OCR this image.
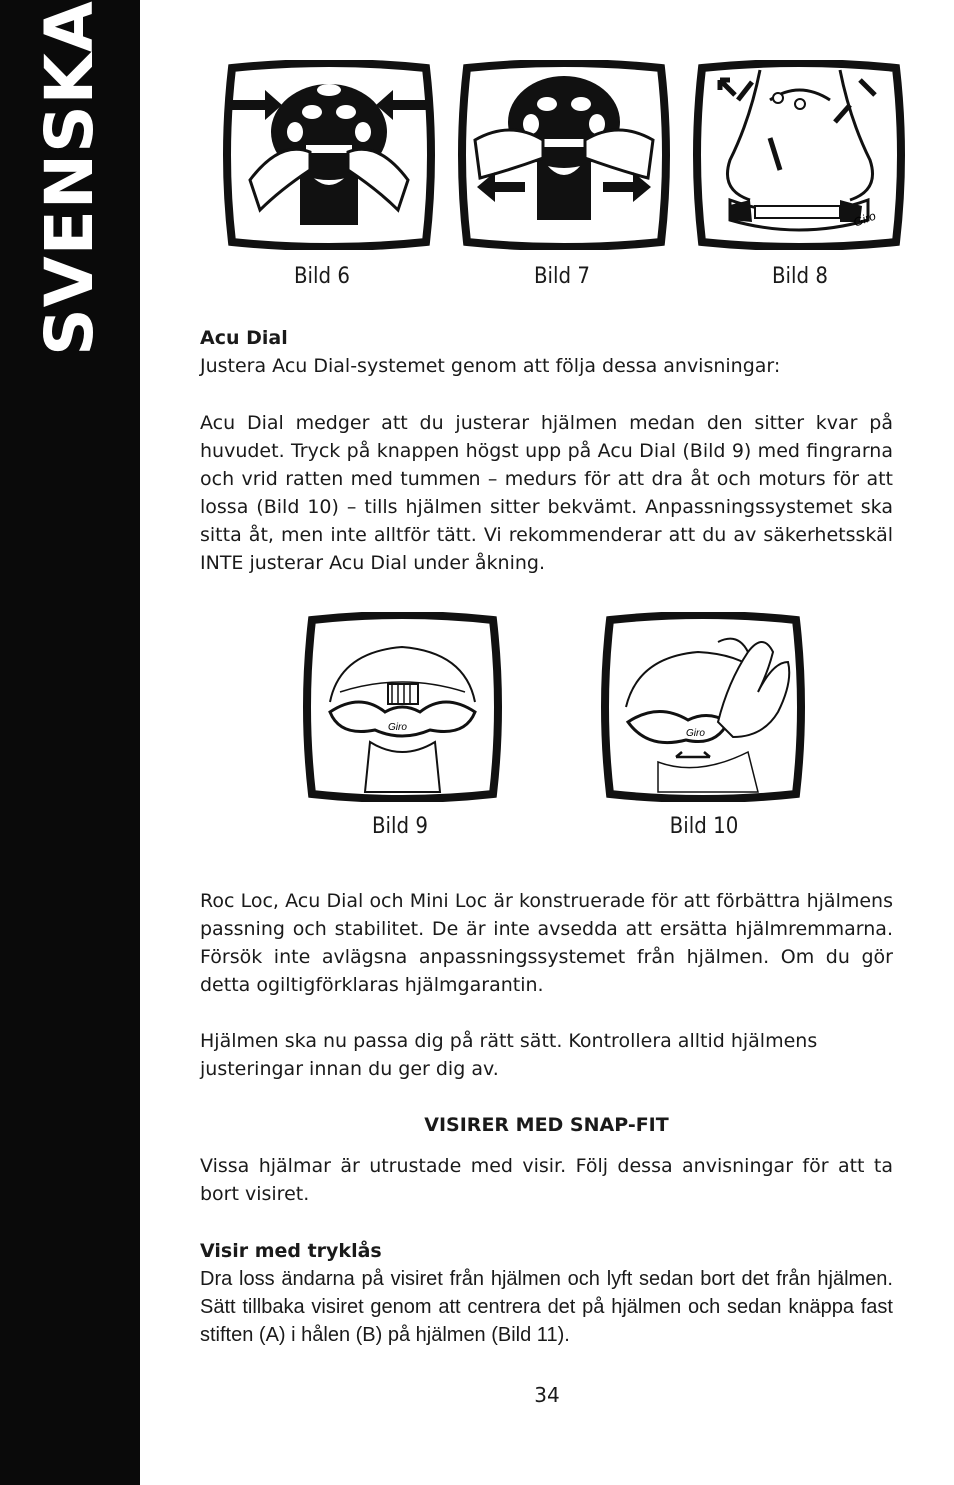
SVENSKA	Bild 6	Bild 7
Giro
Bild 8
Acu Dial
Justera Acu Dial-systemet genom att följa dessa anvisningar:
Acu Dial medger att du justerar hjälmen medan den sitter kvar på huvudet. Tryck på knappen högst upp på Acu Dial (Bild 9) med fingrarna och vrid ratten med tummen – medurs för att dra åt och moturs för att lossa (Bild 10) – tills hjälmen sitter bekvämt. Anpassningssystemet ska sitta åt, men inte alltför tätt. Vi rekommenderar att du av säkerhetsskäl INTE justerar Acu Dial under åkning.
Giro
Bild 9
Giro
Bild 10
Roc Loc, Acu Dial och Mini Loc är konstruerade för att förbättra hjälmens passning och stabilitet. De är inte avsedda att ersätta hjälmremmarna. Försök inte avlägsna anpassningssystemet från hjälmen. Om du gör detta ogiltigförklaras hjälmgarantin.
Hjälmen ska nu passa dig på rätt sätt. Kontrollera alltid hjälmens justeringar innan du ger dig av.
VISIRER MED SNAP-FIT
Vissa hjälmar är utrustade med visir. Följ dessa anvisningar för att ta bort visiret.
Visir med tryklås
Dra loss ändarna på visiret från hjälmen och lyft sedan bort det från hjälmen. Sätt tillbaka visiret genom att centrera det på hjälmen och sedan knäppa fast stiften (A) i hålen (B) på hjälmen (Bild 11).
34
